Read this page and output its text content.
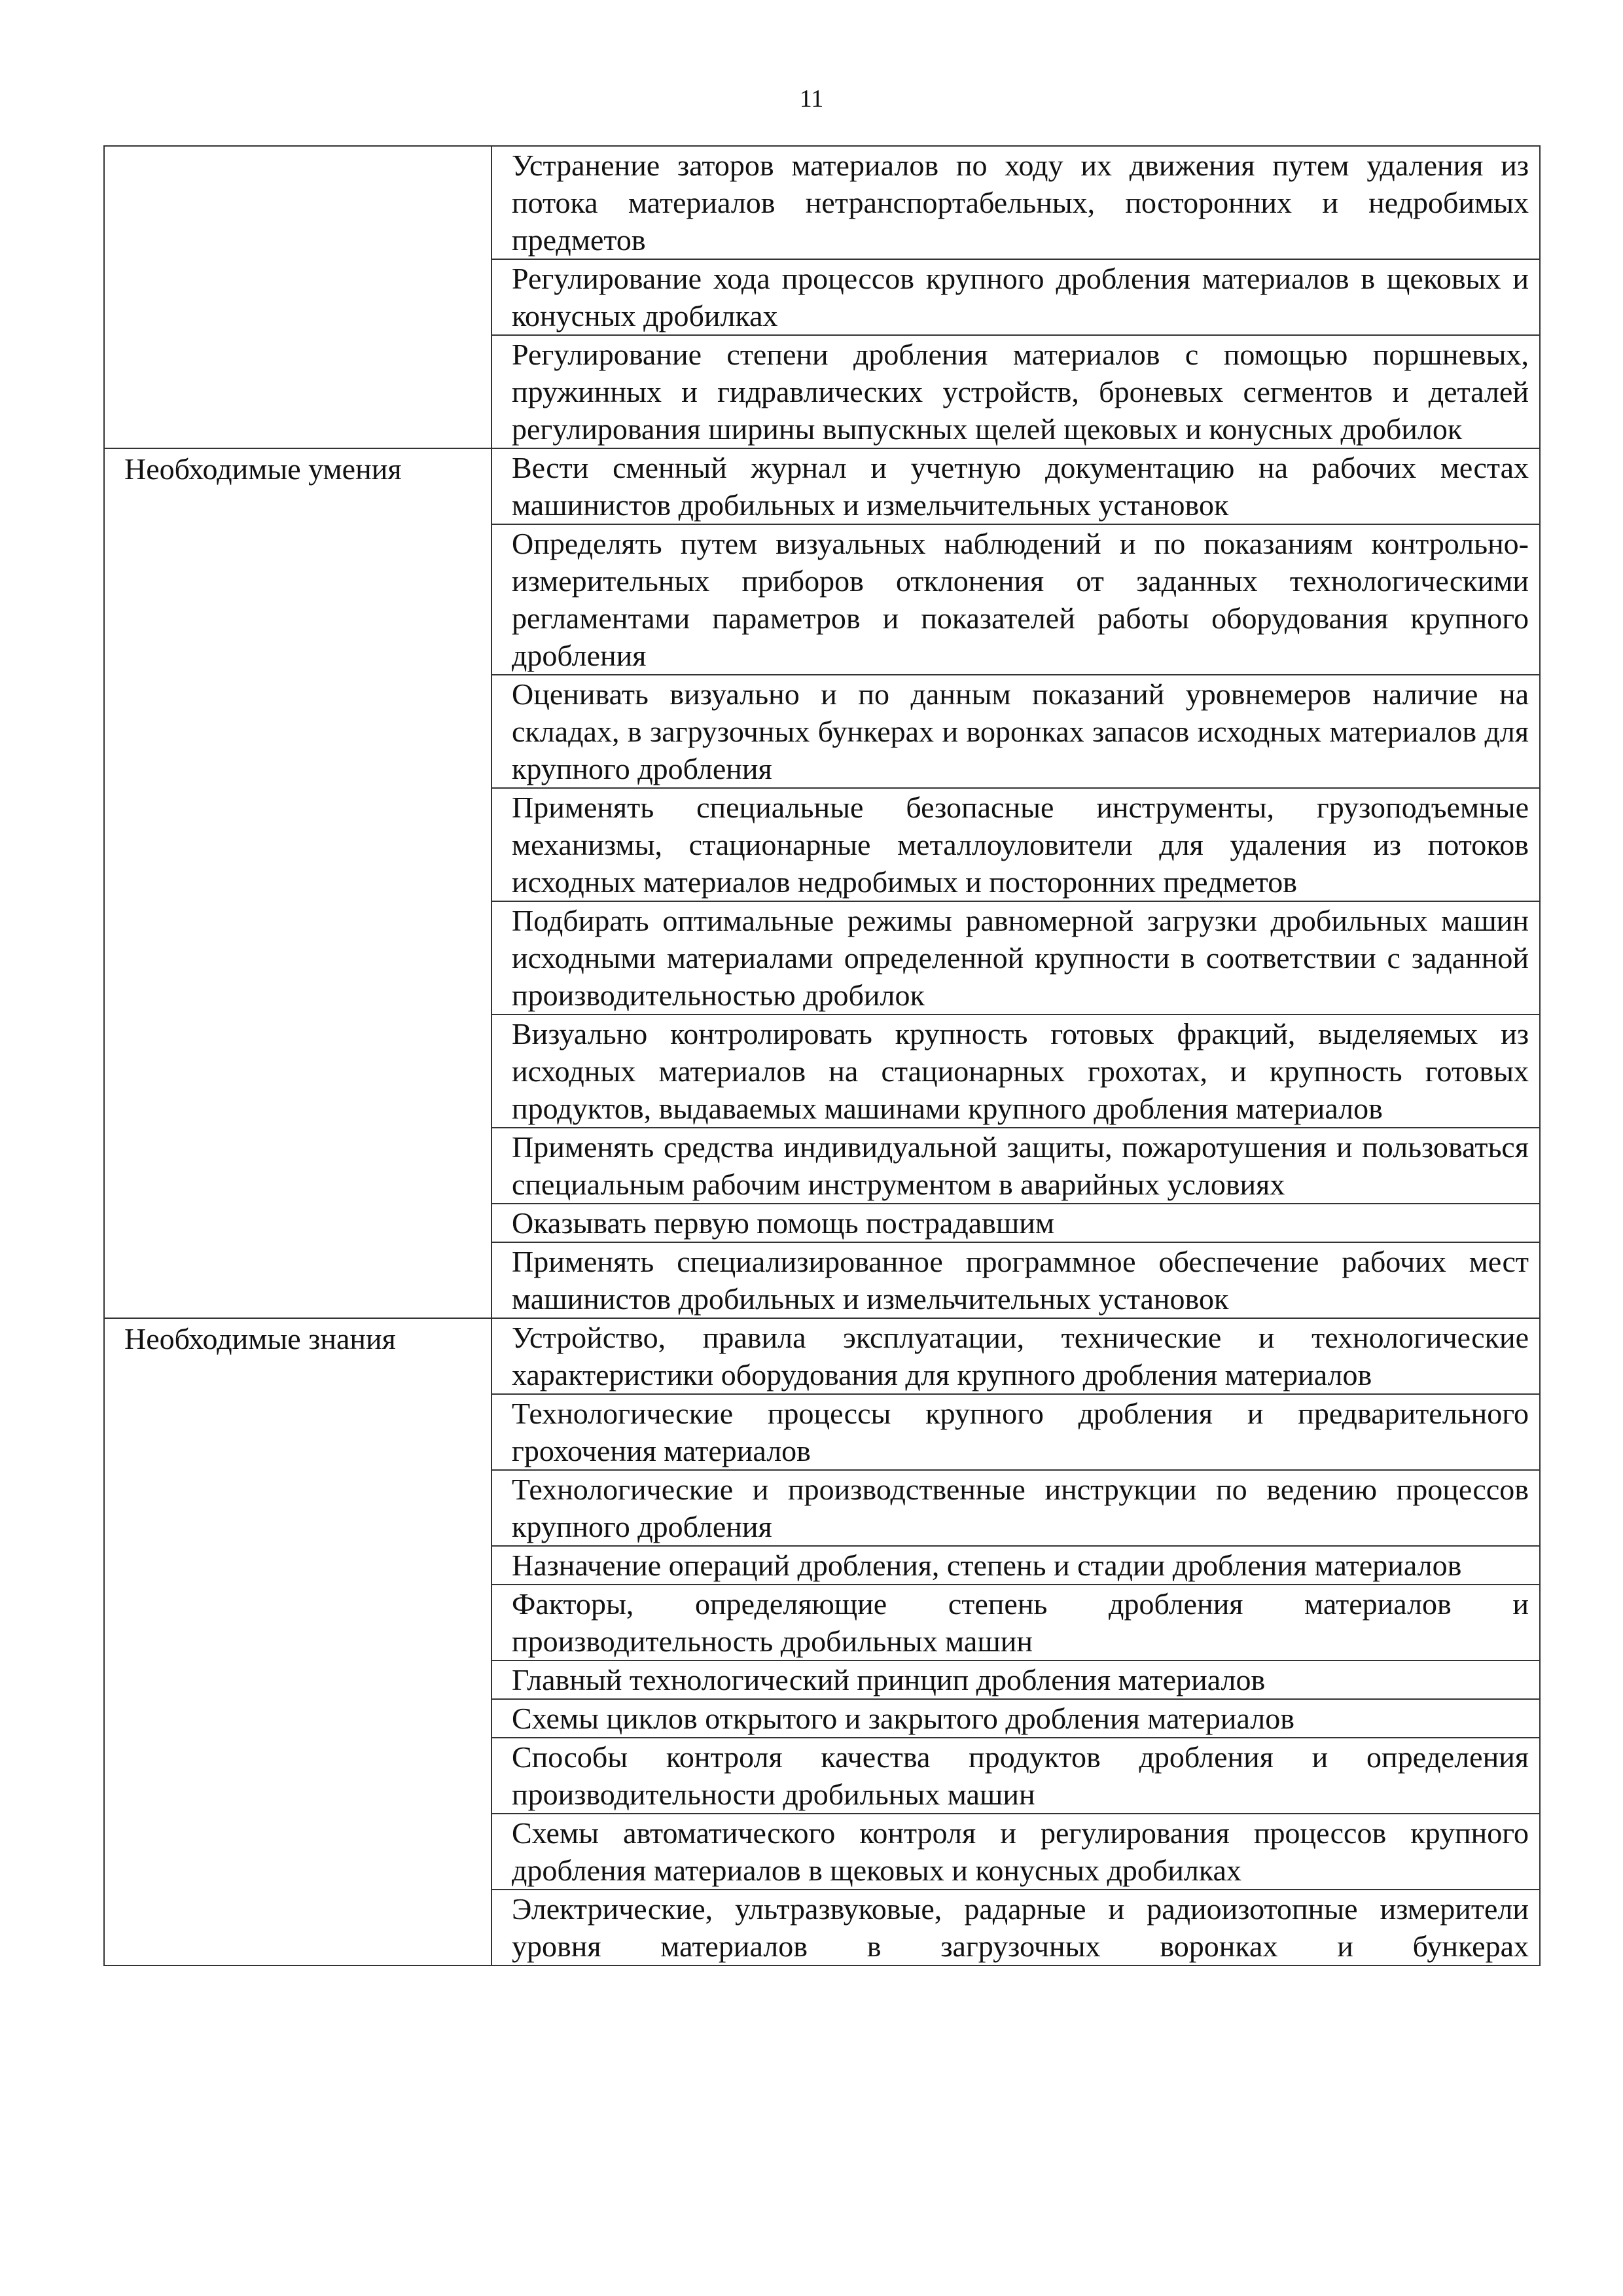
11
	Устранение заторов материалов по ходу их движения путем удаления из потока материалов нетранспортабельных, посторонних и недробимых предметов
	Регулирование хода процессов крупного дробления материалов в щековых и конусных дробилках
	Регулирование степени дробления материалов с помощью поршневых, пружинных и гидравлических устройств, броневых сегментов и деталей регулирования ширины выпускных щелей щековых и конусных дробилок
Необходимые умения	Вести сменный журнал и учетную документацию на рабочих местах машинистов дробильных и измельчительных установок
	Определять путем визуальных наблюдений и по показаниям контрольно-измерительных приборов отклонения от заданных технологическими регламентами параметров и показателей работы оборудования крупного дробления
	Оценивать визуально и по данным показаний уровнемеров наличие на складах, в загрузочных бункерах и воронках запасов исходных материалов для крупного дробления
	Применять специальные безопасные инструменты, грузоподъемные механизмы, стационарные металлоуловители для удаления из потоков исходных материалов недробимых и посторонних предметов
	Подбирать оптимальные режимы равномерной загрузки дробильных машин исходными материалами определенной крупности в соответствии с заданной производительностью дробилок
	Визуально контролировать крупность готовых фракций, выделяемых из исходных материалов на стационарных грохотах, и крупность готовых продуктов, выдаваемых машинами крупного дробления материалов
	Применять средства индивидуальной защиты, пожаротушения и пользоваться специальным рабочим инструментом в аварийных условиях
	Оказывать первую помощь пострадавшим
	Применять специализированное программное обеспечение рабочих мест машинистов дробильных и измельчительных установок
Необходимые знания	Устройство, правила эксплуатации, технические и технологические характеристики оборудования для крупного дробления материалов
	Технологические процессы крупного дробления и предварительного грохочения материалов
	Технологические и производственные инструкции по ведению процессов крупного дробления
	Назначение операций дробления, степень и стадии дробления материалов
	Факторы, определяющие степень дробления материалов и производительность дробильных машин
	Главный технологический принцип дробления материалов
	Схемы циклов открытого и закрытого дробления материалов
	Способы контроля качества продуктов дробления и определения производительности дробильных машин
	Схемы автоматического контроля и регулирования процессов крупного дробления материалов в щековых и конусных дробилках
	Электрические, ультразвуковые, радарные и радиоизотопные измерители уровня материалов в загрузочных воронках и бункерах
